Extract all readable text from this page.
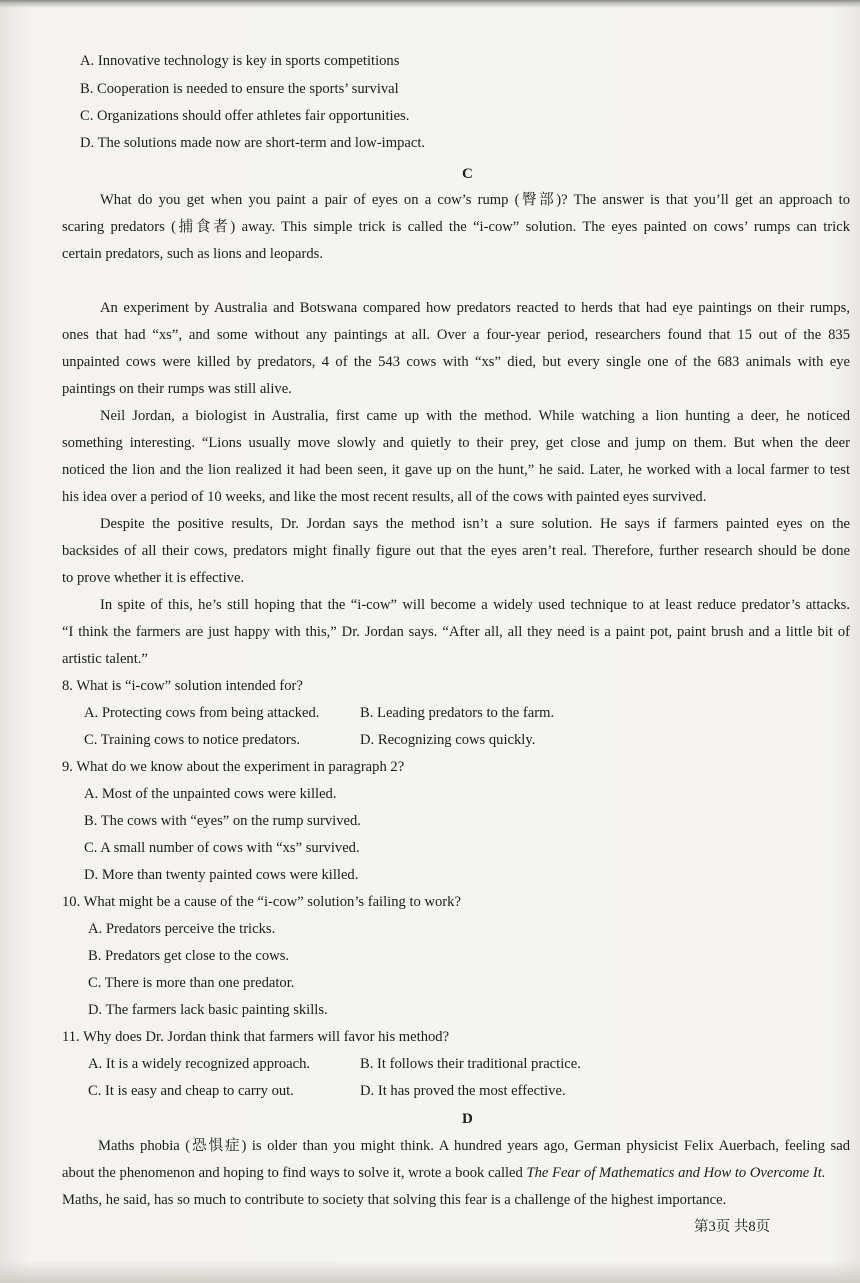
A. Innovative technology is key in sports competitions
B. Cooperation is needed to ensure the sports’ survival
C. Organizations should offer athletes fair opportunities.
D. The solutions made now are short-term and low-impact.
C
What do you get when you paint a pair of eyes on a cow’s rump (臀部)? The answer is that you’ll get an approach to
scaring predators (捕食者) away. This simple trick is called the “i-cow” solution. The eyes painted on cows’ rumps can trick
certain predators, such as lions and leopards.
An experiment by Australia and Botswana compared how predators reacted to herds that had eye paintings on their rumps,
ones that had “xs”, and some without any paintings at all. Over a four-year period, researchers found that 15 out of the 835
unpainted cows were killed by predators, 4 of the 543 cows with “xs” died, but every single one of the 683 animals with eye
paintings on their rumps was still alive.
Neil Jordan, a biologist in Australia, first came up with the method. While watching a lion hunting a deer, he noticed
something interesting. “Lions usually move slowly and quietly to their prey, get close and jump on them. But when the deer
noticed the lion and the lion realized it had been seen, it gave up on the hunt,” he said. Later, he worked with a local farmer to test
his idea over a period of 10 weeks, and like the most recent results, all of the cows with painted eyes survived.
Despite the positive results, Dr. Jordan says the method isn’t a sure solution. He says if farmers painted eyes on the
backsides of all their cows, predators might finally figure out that the eyes aren’t real. Therefore, further research should be done
to prove whether it is effective.
In spite of this, he’s still hoping that the “i-cow” will become a widely used technique to at least reduce predator’s attacks.
“I think the farmers are just happy with this,” Dr. Jordan says. “After all, all they need is a paint pot, paint brush and a little bit of
artistic talent.”
8. What is “i-cow” solution intended for?
A. Protecting cows from being attacked.	B. Leading predators to the farm.
C. Training cows to notice predators.	D. Recognizing cows quickly.
9. What do we know about the experiment in paragraph 2?
A. Most of the unpainted cows were killed.
B. The cows with “eyes” on the rump survived.
C. A small number of cows with “xs” survived.
D. More than twenty painted cows were killed.
10. What might be a cause of the “i-cow” solution’s failing to work?
A. Predators perceive the tricks.
B. Predators get close to the cows.
C. There is more than one predator.
D. The farmers lack basic painting skills.
11. Why does Dr. Jordan think that farmers will favor his method?
A. It is a widely recognized approach.	B. It follows their traditional practice.
C. It is easy and cheap to carry out.	D. It has proved the most effective.
D
Maths phobia (恐惧症) is older than you might think. A hundred years ago, German physicist Felix Auerbach, feeling sad
about the phenomenon and hoping to find ways to solve it, wrote a book called The Fear of Mathematics and How to Overcome It.
Maths, he said, has so much to contribute to society that solving this fear is a challenge of the highest importance.
第3页 共8页
